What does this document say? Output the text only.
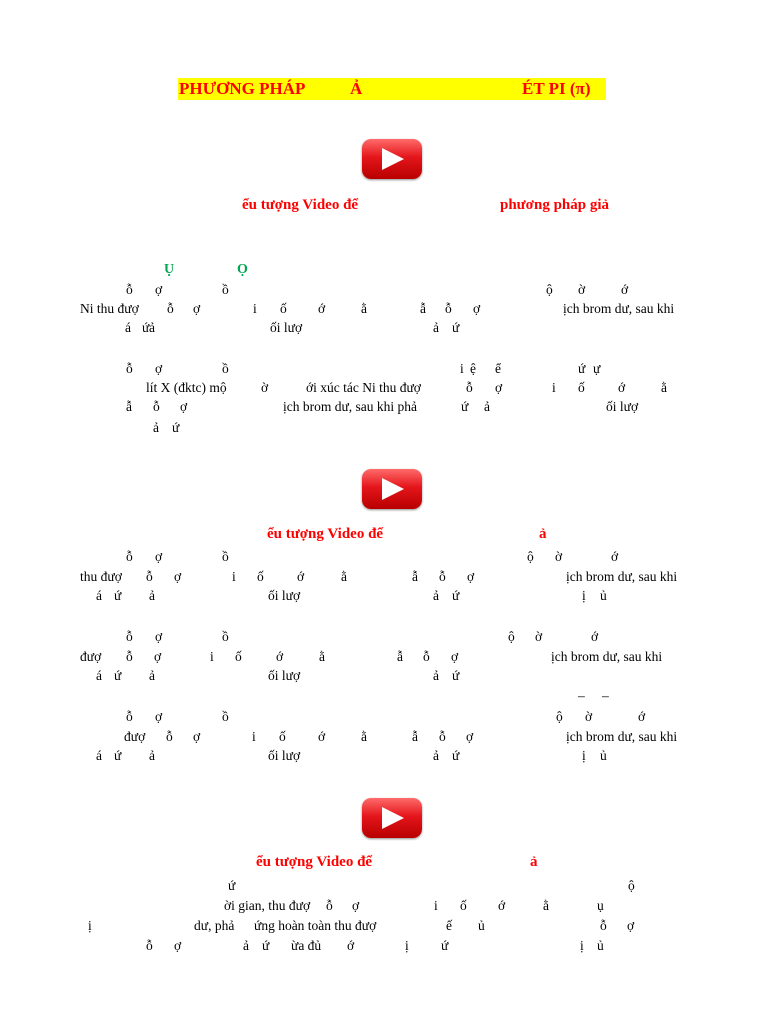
PHƯƠNG PHÁP	Ả	ÉT PI (π)
ểu tượng Video để	phương pháp giả
Ụ	Ọ
ỗ ợ	ồ	ộ ờ	ớ
Ni thu đượ ỗ ợ	i ố ớ	ằ	ẫ ỗ ợ	ịch brom dư, sau khi
á ứ ả	ối lượ	ả ứ
ỗ ợ	ồ	i ệ ể	ứ ự
lít X (đktc) mộ	ờ	ới xúc tác Ni thu đượ	ỗ ợ	i ố ớ	ằ
ẫ ỗ ợ	ịch brom dư, sau khi phả	ứ ả	ối lượ
ả ứ
ểu tượng Video để	ả
ỗ ợ	ồ	ộ ờ	ớ
thu đượ ỗ ợ	i ố ớ	ằ	ẫ ỗ ợ	ịch brom dư, sau khi
á ứ ả	ối lượ	ả ứ	ị ủ
ỗ ợ	ồ	ộ ờ	ớ
đượ ỗ ợ	i ố	ớ	ằ	ẫ ỗ ợ	ịch brom dư, sau khi
á ứ ả	ối lượ	ả ứ
– –
ỗ ợ	ồ	ộ ờ	ớ
đượ ỗ ợ	i ố ớ	ằ	ẫ ỗ ợ	ịch brom dư, sau khi
á ứ ả	ối lượ	ả ứ	ị ủ
ểu tượng Video để	ả
ứ	ộ
ời gian, thu đượ ỗ ợ	i ố ớ	ằ	ụ
ị	dư, phả ứng hoàn toàn thu đượ	ế ủ	ỗ ợ
ỗ ợ	ả ứ ừa đủ ớ	ị ứ	ị ủ
